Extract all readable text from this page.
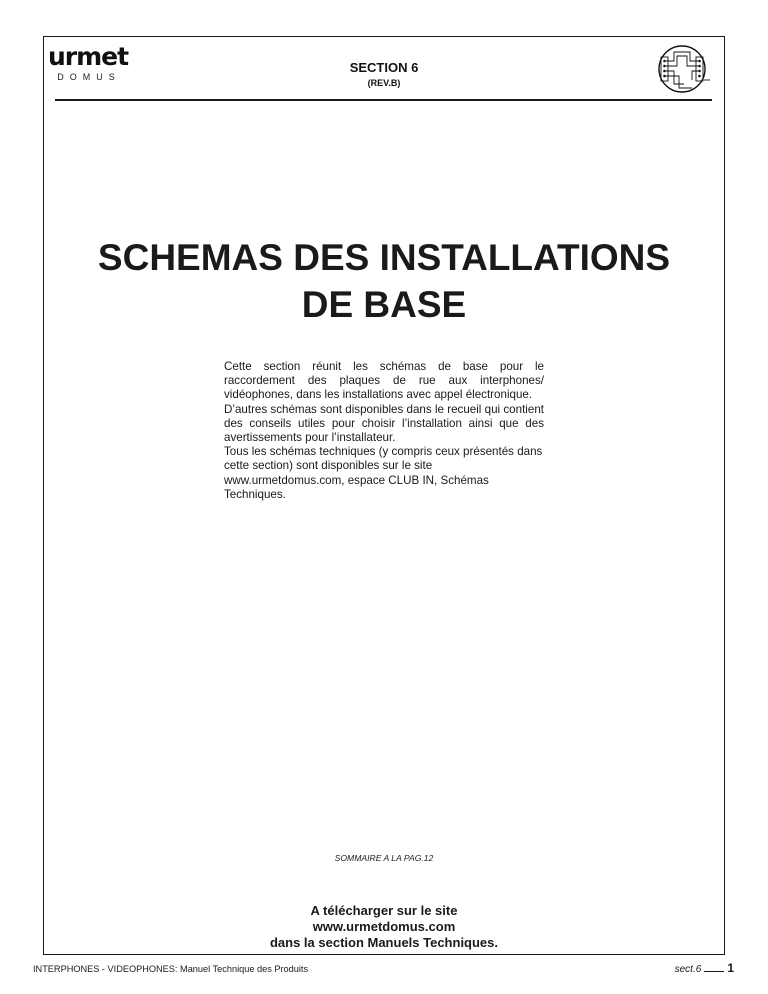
urmet
DOMUS
SECTION 6
(REV.B)
SCHEMAS DES INSTALLATIONS
DE BASE

Cette section réunit les schémas de base pour le raccordement des plaques de rue aux interphones/ vidéophones, dans les installations avec appel électronique.

D’autres schémas sont disponibles dans le recueil qui contient des conseils utiles pour choisir l’installation ainsi que des avertissements pour l’installateur.

Tous les schémas techniques (y compris ceux présentés dans cette section) sont disponibles sur le site www.urmetdomus.com, espace CLUB IN, Schémas Techniques.

SOMMAIRE A LA PAG.12
A télécharger sur le site
www.urmetdomus.com
dans la section Manuels Techniques.
INTERPHONES - VIDEOPHONES: Manuel Technique des Produits	sect.6 1
